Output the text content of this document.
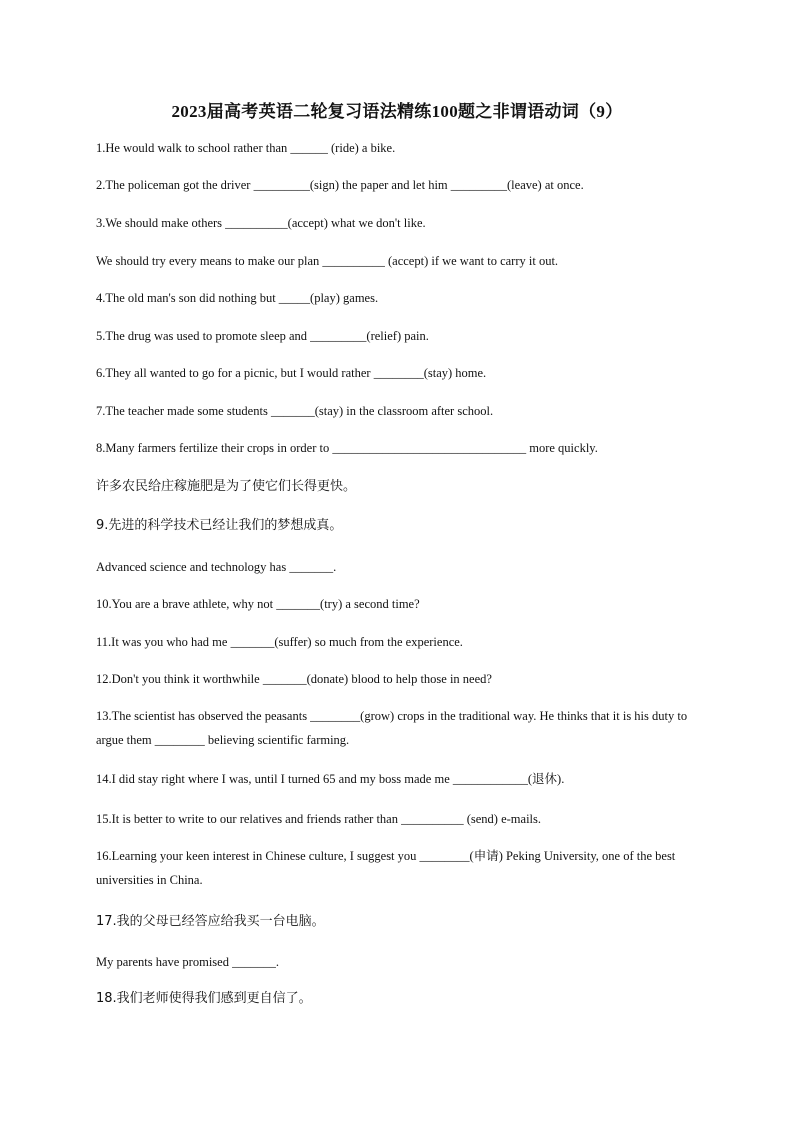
2023届高考英语二轮复习语法精练100题之非谓语动词（9）
1.He would walk to school rather than ______ (ride) a bike.
2.The policeman got the driver _________(sign) the paper and let him _________(leave) at once.
3.We should make others __________(accept) what we don't like.
We should try every means to make our plan __________ (accept) if we want to carry it out.
4.The old man's son did nothing but _____(play) games.
5.The drug was used to promote sleep and _________(relief) pain.
6.They all wanted to go for a picnic, but I would rather ________(stay) home.
7.The teacher made some students _______(stay) in the classroom after school.
8.Many farmers fertilize their crops in order to _______________________________ more quickly.
许多农民给庄稼施肥是为了使它们长得更快。
9.先进的科学技术已经让我们的梦想成真。
Advanced science and technology has _______.
10.You are a brave athlete, why not _______(try) a second time?
11.It was you who had me _______(suffer) so much from the experience.
12.Don't you think it worthwhile _______(donate) blood to help those in need?
13.The scientist has observed the peasants ________(grow) crops in the traditional way. He thinks that it is his duty to argue them ________ believing scientific farming.
14.I did stay right where I was, until I turned 65 and my boss made me ____________(退休).
15.It is better to write to our relatives and friends rather than __________ (send) e-mails.
16.Learning your keen interest in Chinese culture, I suggest you ________(申请) Peking University, one of the best universities in China.
17.我的父母已经答应给我买一台电脑。
My parents have promised _______.
18.我们老师使得我们感到更自信了。
